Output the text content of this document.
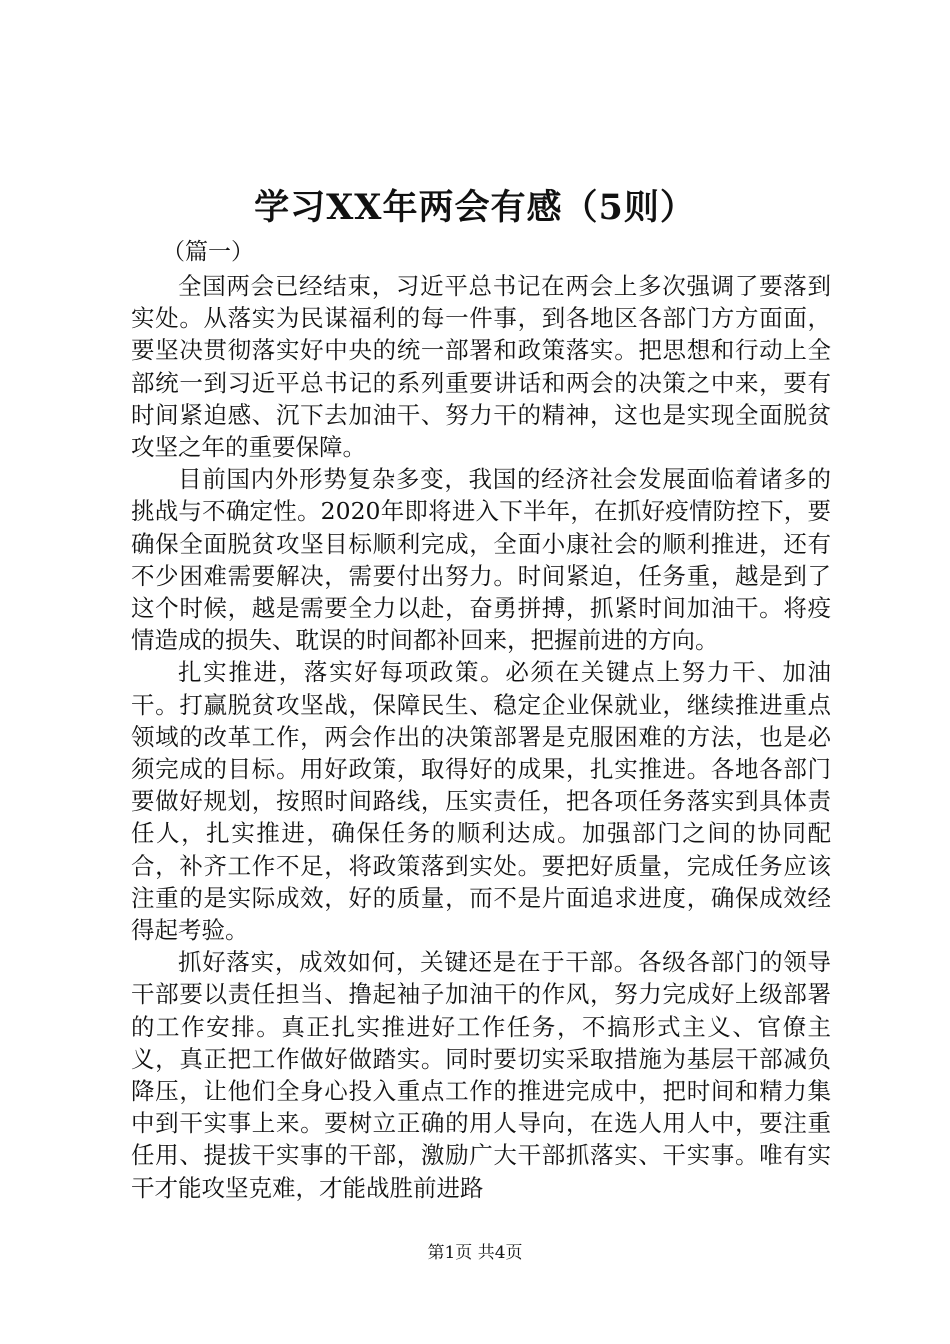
学习XX年两会有感（5则）
（篇一）

全国两会已经结束，习近平总书记在两会上多次强调了要落到实处。从落实为民谋福利的每一件事，到各地区各部门方方面面，要坚决贯彻落实好中央的统一部署和政策落实。把思想和行动上全部统一到习近平总书记的系列重要讲话和两会的决策之中来，要有时间紧迫感、沉下去加油干、努力干的精神，这也是实现全面脱贫攻坚之年的重要保障。

目前国内外形势复杂多变，我国的经济社会发展面临着诸多的挑战与不确定性。2020年即将进入下半年，在抓好疫情防控下，要确保全面脱贫攻坚目标顺利完成，全面小康社会的顺利推进，还有不少困难需要解决，需要付出努力。时间紧迫，任务重，越是到了这个时候，越是需要全力以赴，奋勇拼搏，抓紧时间加油干。将疫情造成的损失、耽误的时间都补回来，把握前进的方向。

扎实推进，落实好每项政策。必须在关键点上努力干、加油干。打赢脱贫攻坚战，保障民生、稳定企业保就业，继续推进重点领域的改革工作，两会作出的决策部署是克服困难的方法，也是必须完成的目标。用好政策，取得好的成果，扎实推进。各地各部门要做好规划，按照时间路线，压实责任，把各项任务落实到具体责任人，扎实推进，确保任务的顺利达成。加强部门之间的协同配合，补齐工作不足，将政策落到实处。要把好质量，完成任务应该注重的是实际成效，好的质量，而不是片面追求进度，确保成效经得起考验。

抓好落实，成效如何，关键还是在于干部。各级各部门的领导干部要以责任担当、撸起袖子加油干的作风，努力完成好上级部署的工作安排。真正扎实推进好工作任务，不搞形式主义、官僚主义，真正把工作做好做踏实。同时要切实采取措施为基层干部减负降压，让他们全身心投入重点工作的推进完成中，把时间和精力集中到干实事上来。要树立正确的用人导向，在选人用人中，要注重任用、提拔干实事的干部，激励广大干部抓落实、干实事。唯有实干才能攻坚克难，才能战胜前进路

第1页 共4页
